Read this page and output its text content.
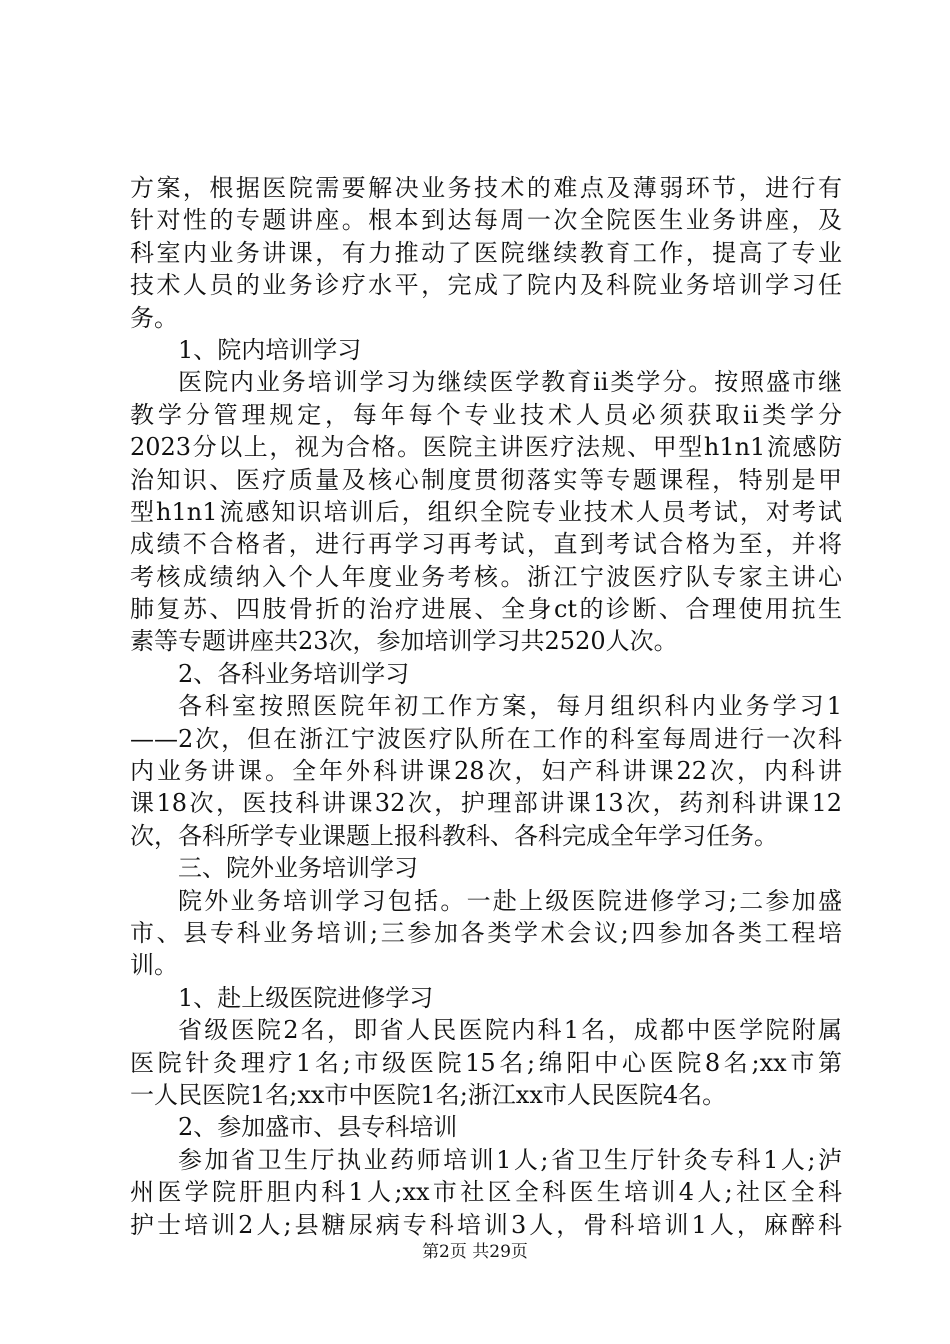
方案，根据医院需要解决业务技术的难点及薄弱环节，进行有
针对性的专题讲座。根本到达每周一次全院医生业务讲座，及
科室内业务讲课，有力推动了医院继续教育工作，提高了专业
技术人员的业务诊疗水平，完成了院内及科院业务培训学习任
务。
1、院内培训学习
医院内业务培训学习为继续医学教育ii类学分。按照盛市继
教学分管理规定，每年每个专业技术人员必须获取ii类学分
2023分以上，视为合格。医院主讲医疗法规、甲型h1n1流感防
治知识、医疗质量及核心制度贯彻落实等专题课程，特别是甲
型h1n1流感知识培训后，组织全院专业技术人员考试，对考试
成绩不合格者，进行再学习再考试，直到考试合格为至，并将
考核成绩纳入个人年度业务考核。浙江宁波医疗队专家主讲心
肺复苏、四肢骨折的治疗进展、全身ct的诊断、合理使用抗生
素等专题讲座共23次，参加培训学习共2520人次。
2、各科业务培训学习
各科室按照医院年初工作方案，每月组织科内业务学习1
——2次，但在浙江宁波医疗队所在工作的科室每周进行一次科
内业务讲课。全年外科讲课28次，妇产科讲课22次，内科讲
课18次，医技科讲课32次，护理部讲课13次，药剂科讲课12
次，各科所学专业课题上报科教科、各科完成全年学习任务。
三、院外业务培训学习
院外业务培训学习包括。一赴上级医院进修学习;二参加盛
市、县专科业务培训;三参加各类学术会议;四参加各类工程培
训。
1、赴上级医院进修学习
省级医院2名，即省人民医院内科1名，成都中医学院附属
医院针灸理疗1名;市级医院15名;绵阳中心医院8名;xx市第
一人民医院1名;xx市中医院1名;浙江xx市人民医院4名。
2、参加盛市、县专科培训
参加省卫生厅执业药师培训1人;省卫生厅针灸专科1人;泸
州医学院肝胆内科1人;xx市社区全科医生培训4人;社区全科
护士培训2人;县糖尿病专科培训3人，骨科培训1人，麻醉科
第2页 共29页
